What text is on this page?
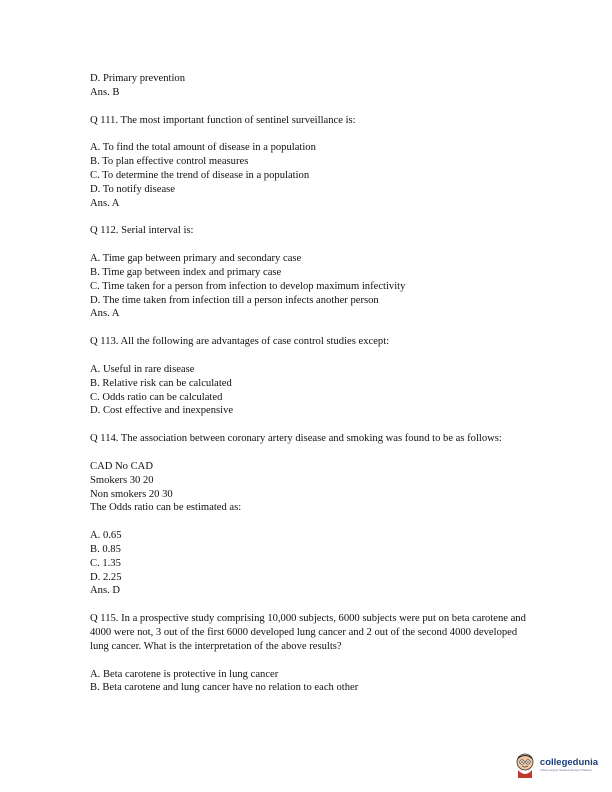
D. Primary prevention
Ans. B
Q 111. The most important function of sentinel surveillance is:
A. To find the total amount of disease in a population
B. To plan effective control measures
C. To determine the trend of disease in a population
D. To notify disease
Ans. A
Q 112. Serial interval is:
A. Time gap between primary and secondary case
B. Time gap between index and primary case
C. Time taken for a person from infection to develop maximum infectivity
D. The time taken from infection till a person infects another person
Ans. A
Q 113. All the following are advantages of case control studies except:
A. Useful in rare disease
B. Relative risk can be calculated
C. Odds ratio can be calculated
D. Cost effective and inexpensive
Q 114. The association between coronary artery disease and smoking was found to be as follows:
CAD No CAD
Smokers 30 20
Non smokers 20 30
The Odds ratio can be estimated as:
A. 0.65
B. 0.85
C. 1.35
D. 2.25
Ans. D
Q 115. In a prospective study comprising 10,000 subjects, 6000 subjects were put on beta carotene and 4000 were not, 3 out of the first 6000 developed lung cancer and 2 out of the second 4000 developed lung cancer. What is the interpretation of the above results?
A. Beta carotene is protective in lung cancer
B. Beta carotene and lung cancer have no relation to each other
collegedunia
India's largest Student Review Platform
